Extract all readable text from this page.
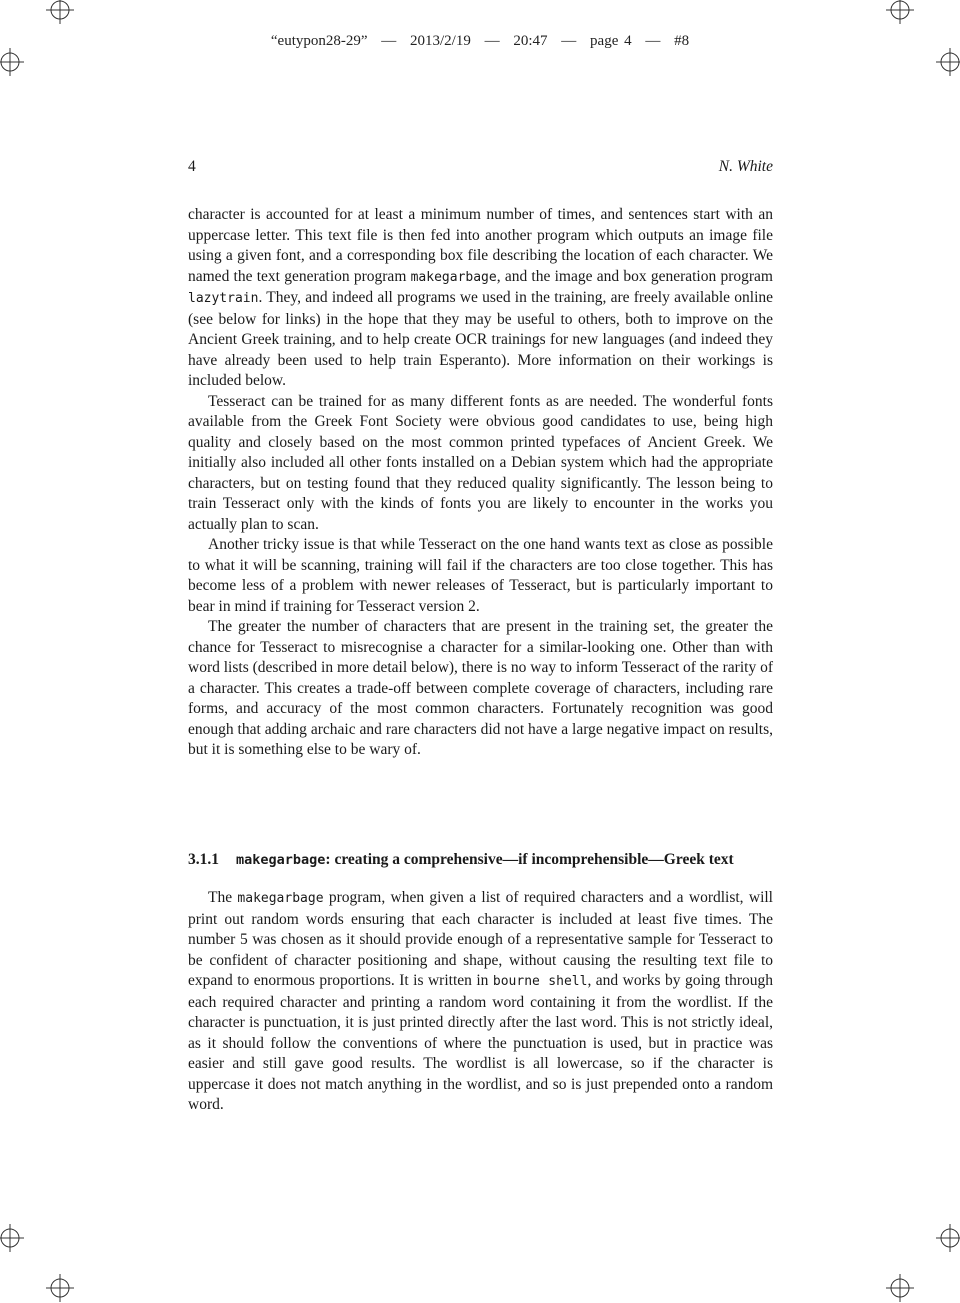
“eutypon28-29” — 2013/2/19 — 20:47 — page 4 — #8
4	N. White

character is accounted for at least a minimum number of times, and sentences start with an uppercase letter. This text file is then fed into another program which outputs an image file using a given font, and a corresponding box file describing the location of each character. We named the text generation program makegarbage, and the image and box generation program lazytrain. They, and indeed all programs we used in the training, are freely available online (see below for links) in the hope that they may be useful to others, both to improve on the Ancient Greek training, and to help create OCR trainings for new languages (and indeed they have already been used to help train Esperanto). More information on their workings is included below.

Tesseract can be trained for as many different fonts as are needed. The wonderful fonts available from the Greek Font Society were obvious good candidates to use, being high quality and closely based on the most common printed typefaces of Ancient Greek. We initially also included all other fonts installed on a Debian system which had the appropriate characters, but on testing found that they reduced quality significantly. The lesson being to train Tesseract only with the kinds of fonts you are likely to encounter in the works you actually plan to scan.

Another tricky issue is that while Tesseract on the one hand wants text as close as possible to what it will be scanning, training will fail if the characters are too close together. This has become less of a problem with newer releases of Tesseract, but is particularly important to bear in mind if training for Tesseract version 2.

The greater the number of characters that are present in the training set, the greater the chance for Tesseract to misrecognise a character for a similar-looking one. Other than with word lists (described in more detail below), there is no way to inform Tesseract of the rarity of a character. This creates a trade-off between complete coverage of characters, including rare forms, and accuracy of the most common characters. Fortunately recognition was good enough that adding archaic and rare characters did not have a large negative impact on results, but it is something else to be wary of.

3.1.1 makegarbage: creating a comprehensive—if incomprehensible—Greek text

The makegarbage program, when given a list of required characters and a wordlist, will print out random words ensuring that each character is included at least five times. The number 5 was chosen as it should provide enough of a representative sample for Tesseract to be confident of character positioning and shape, without causing the resulting text file to expand to enormous proportions. It is written in bourne shell, and works by going through each required character and printing a random word containing it from the wordlist. If the character is punctuation, it is just printed directly after the last word. This is not strictly ideal, as it should follow the conventions of where the punctuation is used, but in practice was easier and still gave good results. The wordlist is all lowercase, so if the character is uppercase it does not match anything in the wordlist, and so is just prepended onto a random word.
